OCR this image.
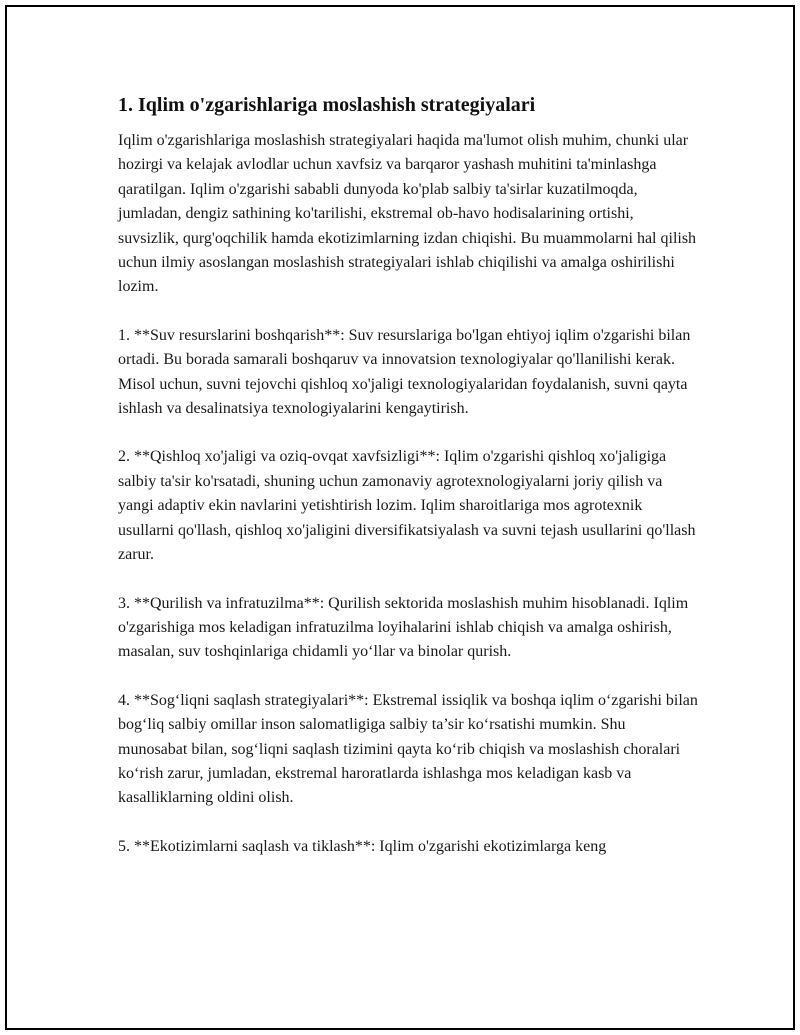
1. Iqlim o'zgarishlariga moslashish strategiyalari

Iqlim o'zgarishlariga moslashish strategiyalari haqida ma'lumot olish muhim, chunki ular hozirgi va kelajak avlodlar uchun xavfsiz va barqaror yashash muhitini ta'minlashga qaratilgan. Iqlim o'zgarishi sababli dunyoda ko'plab salbiy ta'sirlar kuzatilmoqda, jumladan, dengiz sathining ko'tarilishi, ekstremal ob-havo hodisalarining ortishi, suvsizlik, qurg'oqchilik hamda ekotizimlarning izdan chiqishi. Bu muammolarni hal qilish uchun ilmiy asoslangan moslashish strategiyalari ishlab chiqilishi va amalga oshirilishi lozim.

1. **Suv resurslarini boshqarish**: Suv resurslariga bo'lgan ehtiyoj iqlim o'zgarishi bilan ortadi. Bu borada samarali boshqaruv va innovatsion texnologiyalar qo'llanilishi kerak. Misol uchun, suvni tejovchi qishloq xo'jaligi texnologiyalaridan foydalanish, suvni qayta ishlash va desalinatsiya texnologiyalarini kengaytirish.

2. **Qishloq xo'jaligi va oziq-ovqat xavfsizligi**: Iqlim o'zgarishi qishloq xo'jaligiga salbiy ta'sir ko'rsatadi, shuning uchun zamonaviy agrotexnologiyalarni joriy qilish va yangi adaptiv ekin navlarini yetishtirish lozim. Iqlim sharoitlariga mos agrotexnik usullarni qo'llash, qishloq xo'jaligini diversifikatsiyalash va suvni tejash usullarini qo'llash zarur.

3. **Qurilish va infratuzilma**: Qurilish sektorida moslashish muhim hisoblanadi. Iqlim o'zgarishiga mos keladigan infratuzilma loyihalarini ishlab chiqish va amalga oshirish, masalan, suv toshqinlariga chidamli yo‘llar va binolar qurish.

4. **Sog‘liqni saqlash strategiyalari**: Ekstremal issiqlik va boshqa iqlim o‘zgarishi bilan bog‘liq salbiy omillar inson salomatligiga salbiy ta’sir ko‘rsatishi mumkin. Shu munosabat bilan, sog‘liqni saqlash tizimini qayta ko‘rib chiqish va moslashish choralari ko‘rish zarur, jumladan, ekstremal haroratlarda ishlashga mos keladigan kasb va kasalliklarning oldini olish.

5. **Ekotizimlarni saqlash va tiklash**: Iqlim o'zgarishi ekotizimlarga keng
